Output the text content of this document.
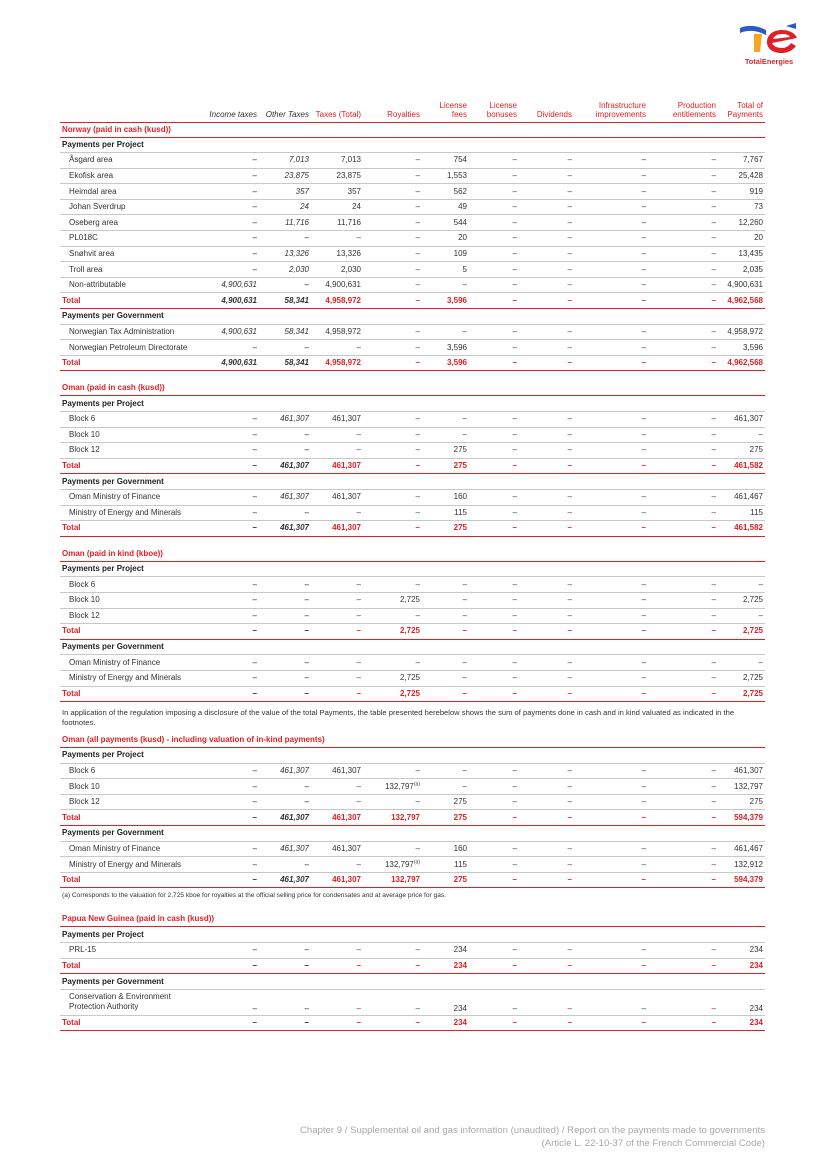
TotalEnergies
	Income taxes	Other Taxes	Taxes (Total)	Royalties	License fees	License bonuses	Dividends	Infrastructure improvements	Production entitlements	Total of Payments
Norway (paid in cash (kusd))										
Payments per Project										
Åsgard area	–	7,013	7,013	–	754	–	–	–	–	7,767
Ekofisk area	–	23,875	23,875	–	1,553	–	–	–	–	25,428
Heimdal area	–	357	357	–	562	–	–	–	–	919
Johan Sverdrup	–	24	24	–	49	–	–	–	–	73
Oseberg area	–	11,716	11,716	–	544	–	–	–	–	12,260
PL018C	–	–	–	–	20	–	–	–	–	20
Snøhvit area	–	13,326	13,326	–	109	–	–	–	–	13,435
Troll area	–	2,030	2,030	–	5	–	–	–	–	2,035
Non-attributable	4,900,631	–	4,900,631	–	–	–	–	–	–	4,900,631
Total	4,900,631	58,341	4,958,972	–	3,596	–	–	–	–	4,962,568
Payments per Government										
Norwegian Tax Administration	4,900,631	58,341	4,958,972	–	–	–	–	–	–	4,958,972
Norwegian Petroleum Directorate	–	–	–	–	3,596	–	–	–	–	3,596
Total	4,900,631	58,341	4,958,972	–	3,596	–	–	–	–	4,962,568

Oman (paid in cash (kusd))										
Payments per Project										
Block 6	–	461,307	461,307	–	–	–	–	–	–	461,307
Block 10	–	–	–	–	–	–	–	–	–	–
Block 12	–	–	–	–	275	–	–	–	–	275
Total	–	461,307	461,307	–	275	–	–	–	–	461,582
Payments per Government										
Oman Ministry of Finance	–	461,307	461,307	–	160	–	–	–	–	461,467
Ministry of Energy and Minerals	–	–	–	–	115	–	–	–	–	115
Total	–	461,307	461,307	–	275	–	–	–	–	461,582

Oman (paid in kind (kboe))										
Payments per Project										
Block 6	–	–	–	–	–	–	–	–	–	–
Block 10	–	–	–	2,725	–	–	–	–	–	2,725
Block 12	–	–	–	–	–	–	–	–	–	–
Total	–	–	–	2,725	–	–	–	–	–	2,725
Payments per Government										
Oman Ministry of Finance	–	–	–	–	–	–	–	–	–	–
Ministry of Energy and Minerals	–	–	–	2,725	–	–	–	–	–	2,725
Total	–	–	–	2,725	–	–	–	–	–	2,725
In application of the regulation imposing a disclosure of the value of the total Payments, the table presented herebelow shows the sum of payments done in cash and in kind valuated as indicated in the footnotes.										
Oman (all payments (kusd) - including valuation of in-kind payments)										
Payments per Project										
Block 6	–	461,307	461,307	–	–	–	–	–	–	461,307
Block 10	–	–	–	132,797$^{(a)}$	–	–	–	–	–	132,797
Block 12	–	–	–	–	275	–	–	–	–	275
Total	–	461,307	461,307	132,797	275	–	–	–	–	594,379
Payments per Government										
Oman Ministry of Finance	–	461,307	461,307	–	160	–	–	–	–	461,467
Ministry of Energy and Minerals	–	–	–	132,797$^{(a)}$	115	–	–	–	–	132,912
Total	–	461,307	461,307	132,797	275	–	–	–	–	594,379
(a) Corresponds to the valuation for 2,725 kboe for royalties at the official selling price for condensates and at average price for gas.										

Papua New Guinea (paid in cash (kusd))										
Payments per Project										
PRL-15	–	–	–	–	234	–	–	–	–	234
Total	–	–	–	–	234	–	–	–	–	234
Payments per Government										
Conservation & Environment Protection Authority	–	–	–	–	234	–	–	–	–	234
Total	–	–	–	–	234	–	–	–	–	234
Chapter 9 / Supplemental oil and gas information (unaudited) / Report on the payments made to governments
(Article L. 22-10-37 of the French Commercial Code)
